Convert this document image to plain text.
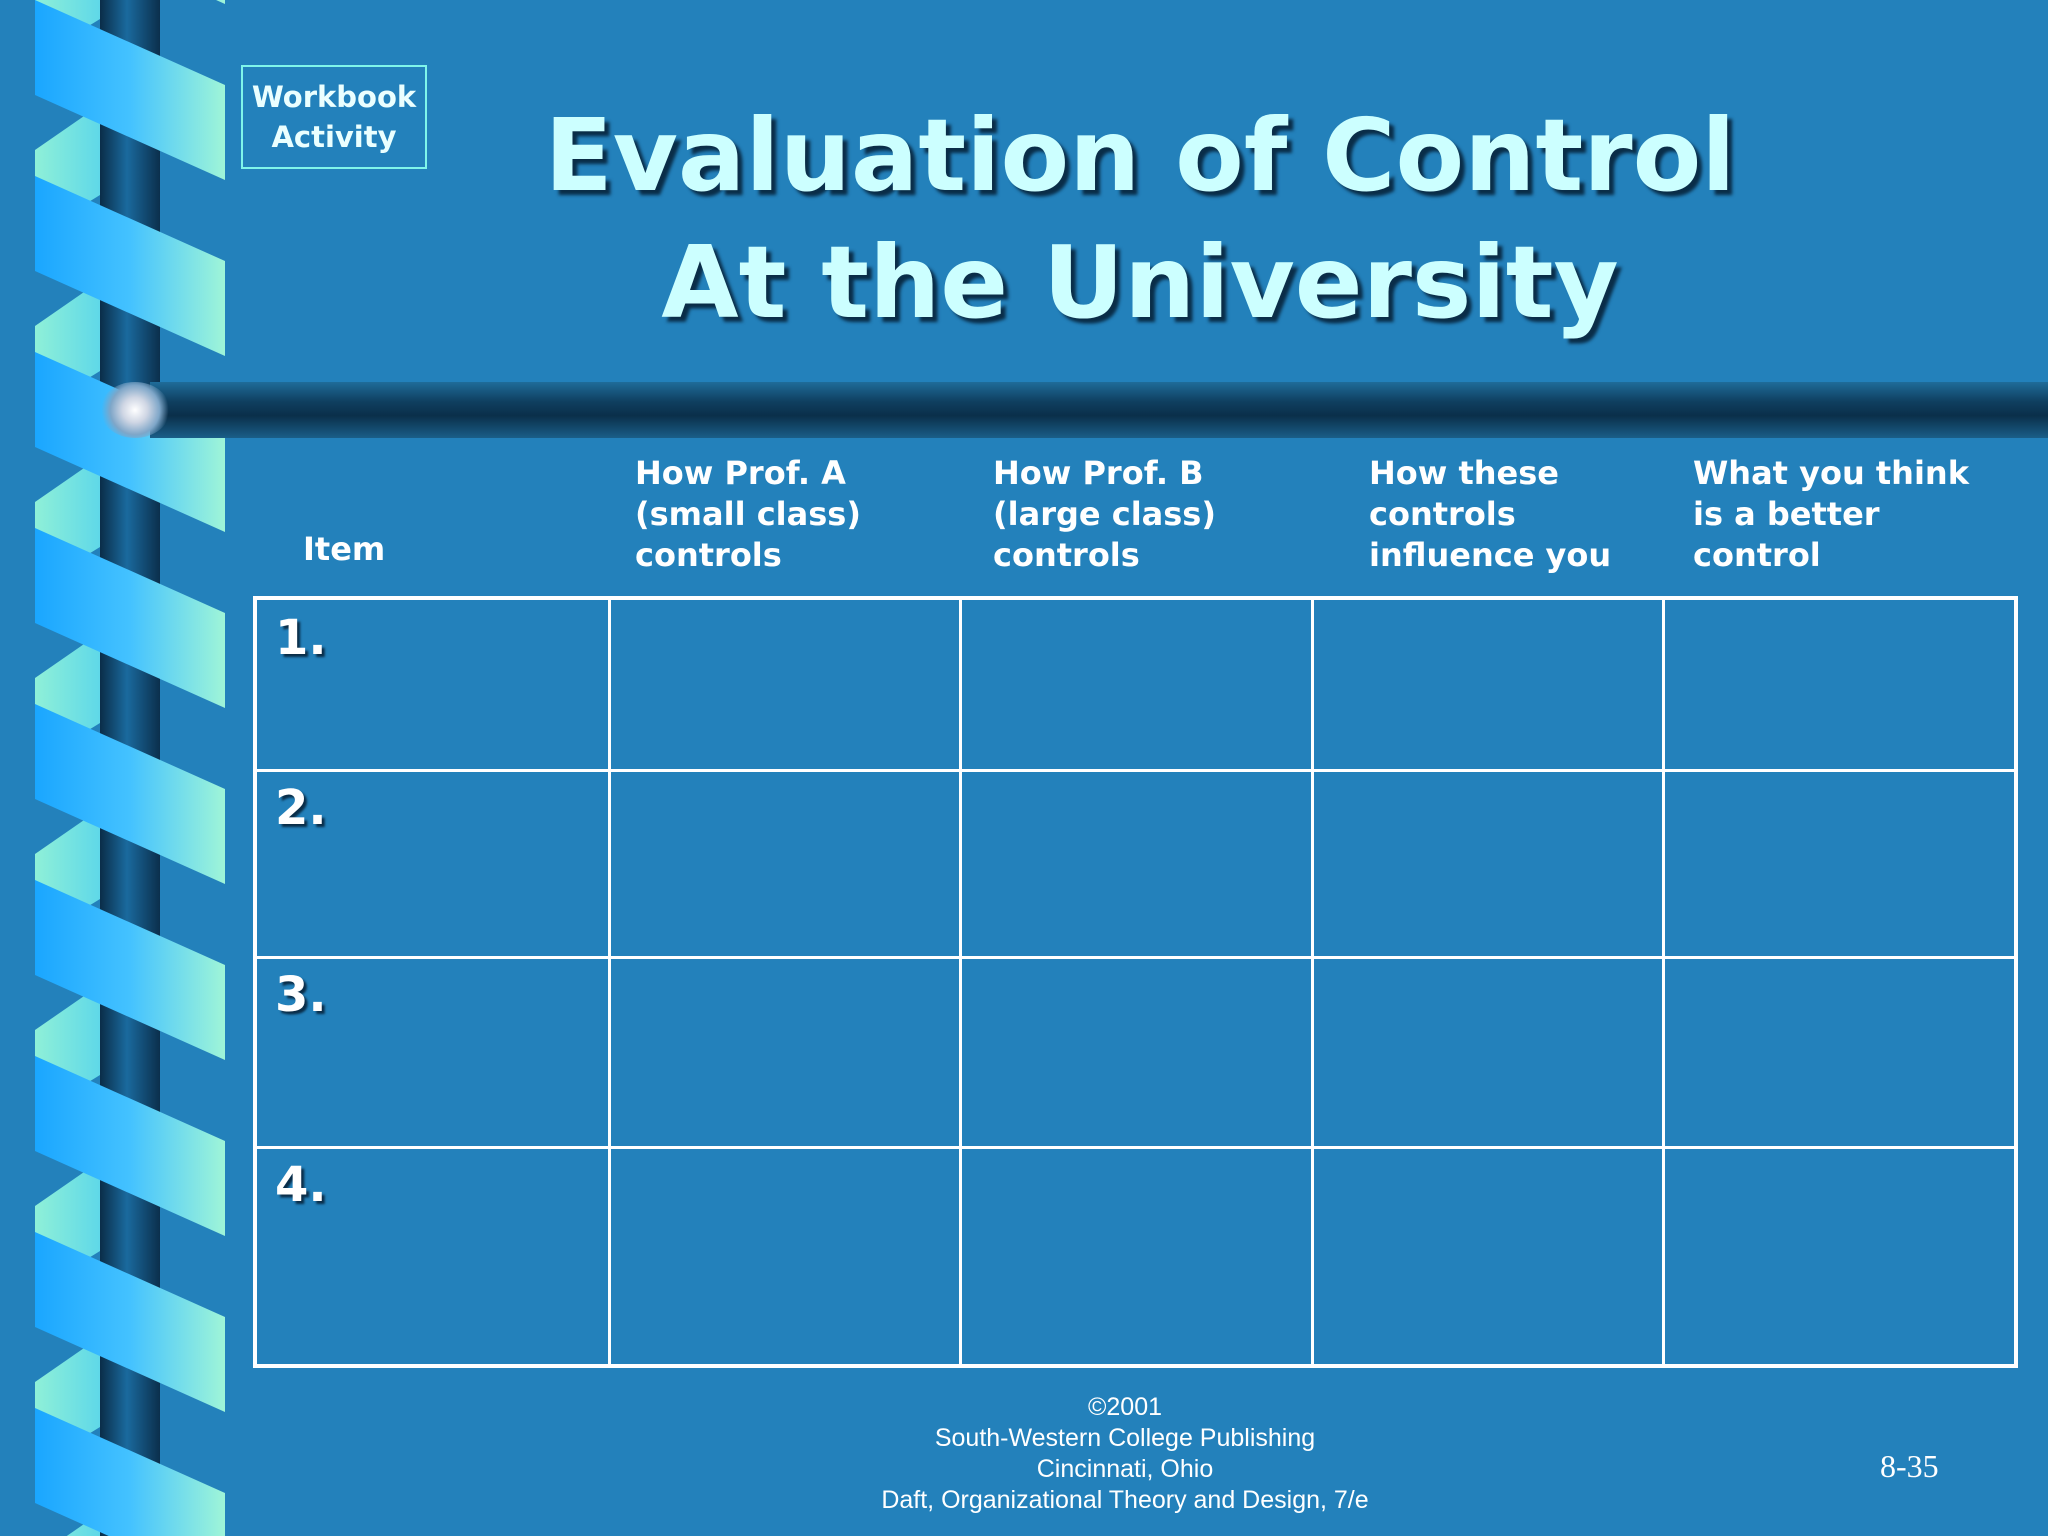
Workbook
Activity	Evaluation of Control
At the University
Item
How Prof. A
(small class)
controls
How Prof. B
(large class)
controls
How these
controls
influence you
What you think
is a better
control
1.
2.
3.
4.
©2001
South-Western College Publishing
Cincinnati, Ohio
Daft, Organizational Theory and Design, 7/e
8-35
